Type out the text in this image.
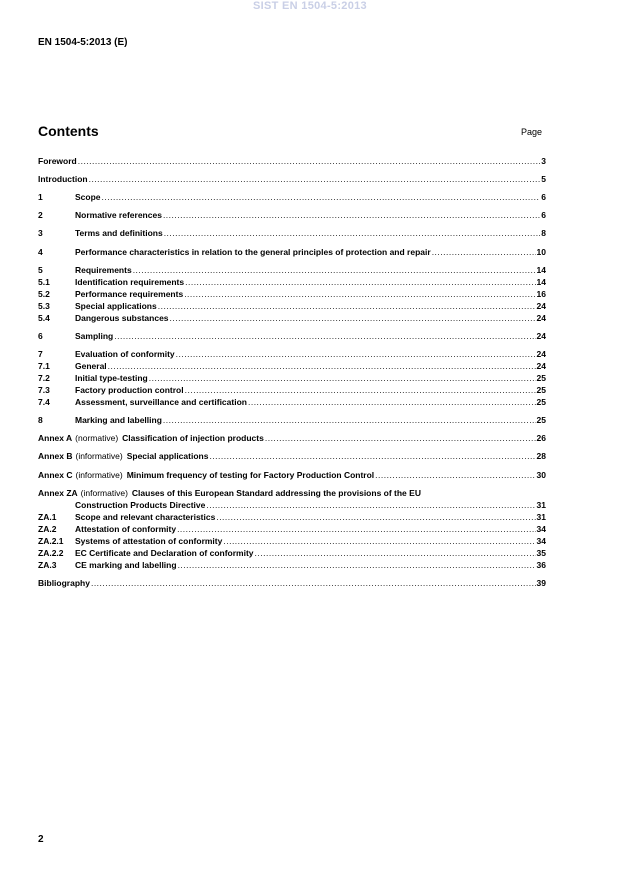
SIST EN 1504-5:2013
EN 1504-5:2013 (E)
Contents	Page
Foreword .....	3
Introduction .....	5
1	Scope .....	6
2	Normative references .....	6
3	Terms and definitions .....	8
4	Performance characteristics in relation to the general principles of protection and repair .....	10
5	Requirements .....	14
5.1	Identification requirements .....	14
5.2	Performance requirements .....	16
5.3	Special applications .....	24
5.4	Dangerous substances .....	24
6	Sampling .....	24
7	Evaluation of conformity .....	24
7.1	General .....	24
7.2	Initial type-testing .....	25
7.3	Factory production control .....	25
7.4	Assessment, surveillance and certification .....	25
8	Marking and labelling .....	25
Annex A (normative) Classification of injection products .....	26
Annex B (informative) Special applications .....	28
Annex C (informative) Minimum frequency of testing for Factory Production Control .....	30
Annex ZA (informative) Clauses of this European Standard addressing the provisions of the EU
Construction Products Directive .....	31
ZA.1	Scope and relevant characteristics .....	31
ZA.2	Attestation of conformity .....	34
ZA.2.1	Systems of attestation of conformity .....	34
ZA.2.2	EC Certificate and Declaration of conformity .....	35
ZA.3	CE marking and labelling .....	36
Bibliography .....	39
2
